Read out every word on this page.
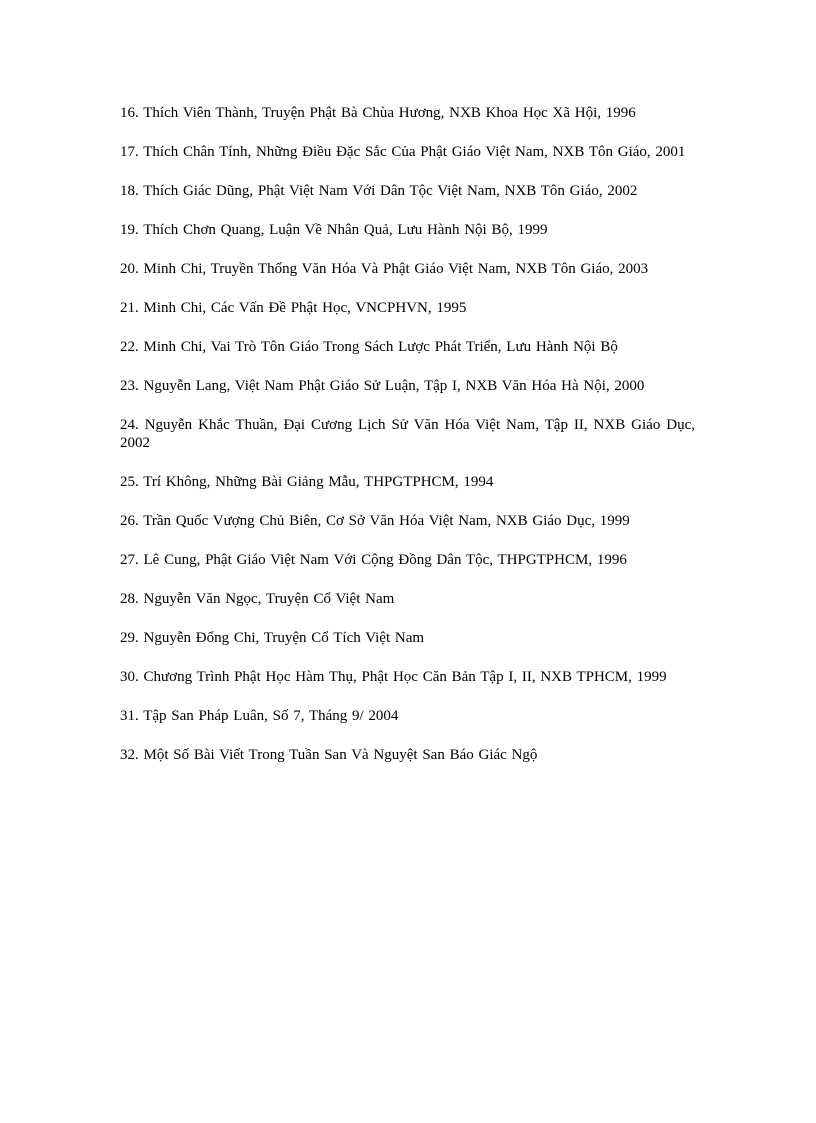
16. Thích Viên Thành, Truyện Phật Bà Chùa Hương, NXB Khoa Học Xã Hội, 1996
17. Thích Chân Tính, Những Điều Đặc Sắc Của Phật Giáo Việt Nam, NXB Tôn Giáo, 2001
18. Thích Giác Dũng, Phật Việt Nam Với Dân Tộc Việt Nam, NXB Tôn Giáo, 2002
19. Thích Chơn Quang, Luận Về Nhân Quả, Lưu Hành Nội Bộ, 1999
20. Minh Chi, Truyền Thống Văn Hóa Và Phật Giáo Việt Nam, NXB Tôn Giáo, 2003
21. Minh Chi, Các Vấn Đề Phật Học, VNCPHVN, 1995
22. Minh Chi, Vai Trò Tôn Giáo Trong Sách Lược Phát Triển, Lưu Hành Nội Bộ
23. Nguyễn Lang, Việt Nam Phật Giáo Sử Luận, Tập I, NXB Văn Hóa Hà Nội, 2000
24. Nguyễn Khắc Thuần, Đại Cương Lịch Sử Văn Hóa Việt Nam, Tập II, NXB Giáo Dục, 2002
25. Trí Không, Những Bài Giảng Mẫu, THPGTPHCM, 1994
26. Trần Quốc Vượng Chủ Biên, Cơ Sở Văn Hóa Việt Nam, NXB Giáo Dục, 1999
27. Lê Cung, Phật Giáo Việt Nam Với Cộng Đồng Dân Tộc, THPGTPHCM, 1996
28. Nguyễn Văn Ngọc, Truyện Cổ Việt Nam
29. Nguyễn Đổng Chi, Truyện Cổ Tích Việt Nam
30. Chương Trình Phật Học Hàm Thụ, Phật Học Căn Bản Tập I, II, NXB TPHCM, 1999
31. Tập San Pháp Luân, Số 7, Tháng 9/ 2004
32. Một Số Bài Viết Trong Tuần San Và Nguyệt San Báo Giác Ngộ
